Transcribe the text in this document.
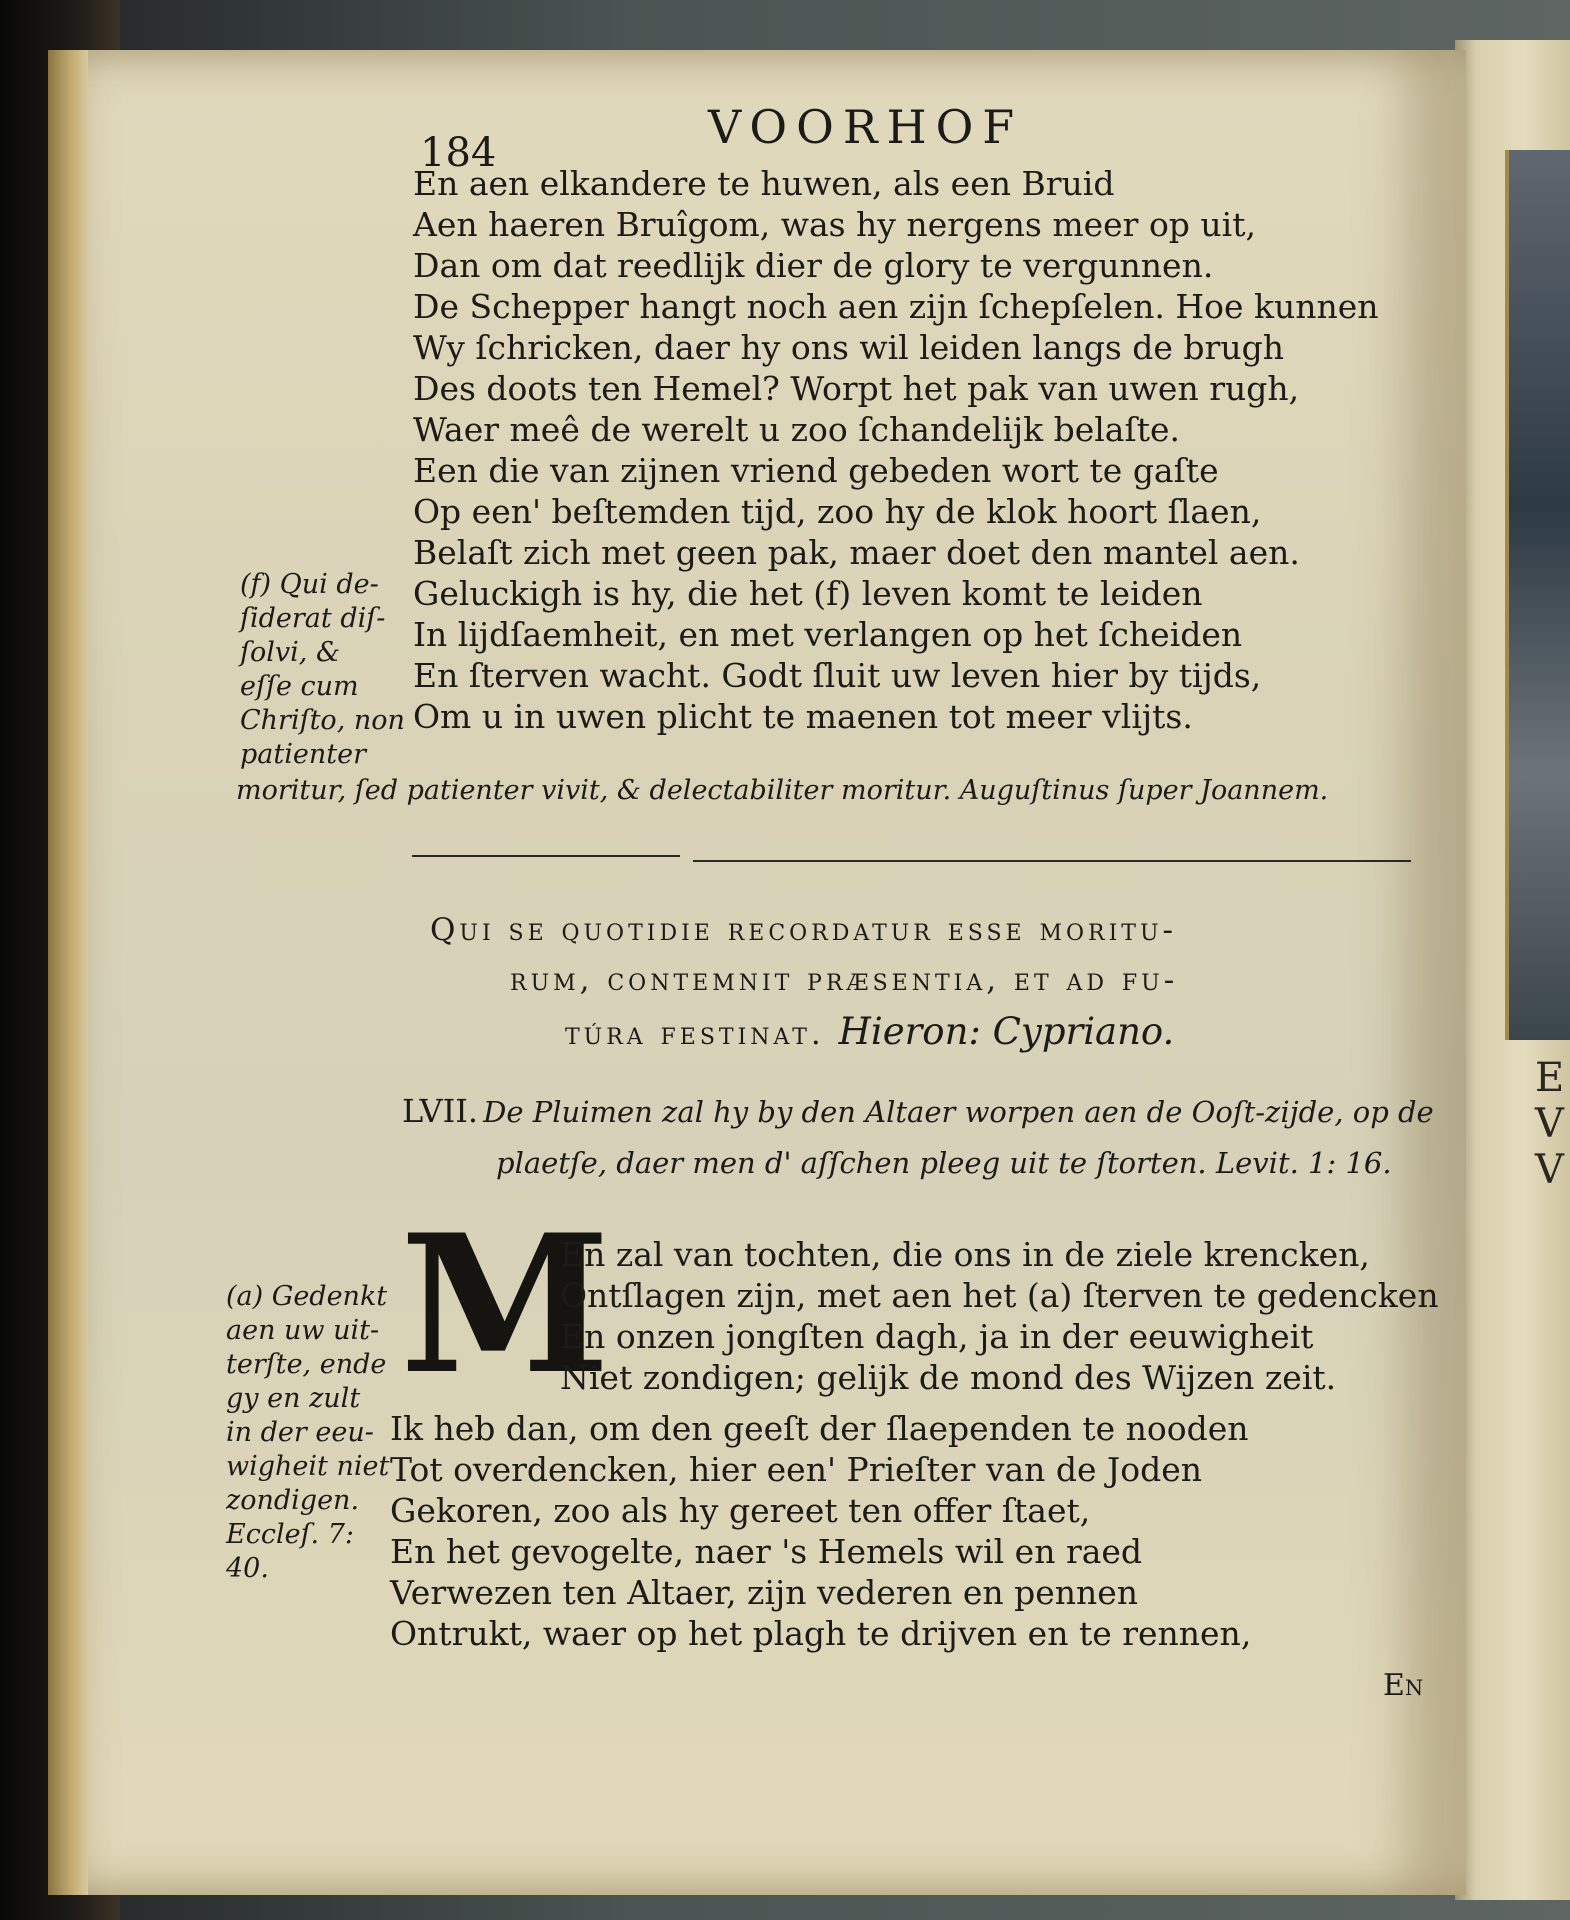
E
V
V
184	VOORHOF
En aen elkandere te huwen, als een Bruid
Aen haeren Bruîgom, was hy nergens meer op uit,
Dan om dat reedlijk dier de glory te vergunnen.
De Schepper hangt noch aen zijn ſchepſelen. Hoe kunnen
Wy ſchricken, daer hy ons wil leiden langs de brugh
Des doots ten Hemel? Worpt het pak van uwen rugh,
Waer meê de werelt u zoo ſchandelijk belaſte.
Een die van zijnen vriend gebeden wort te gaſte
Op een' beſtemden tijd, zoo hy de klok hoort ſlaen,
Belaſt zich met geen pak, maer doet den mantel aen.
Geluckigh is hy, die het (f) leven komt te leiden
In lijdſaemheit, en met verlangen op het ſcheiden
En ſterven wacht. Godt ſluit uw leven hier by tijds,
Om u in uwen plicht te maenen tot meer vlijts.
(f) Qui de-
ſiderat diſ-
ſolvi, &
eſſe cum
Chriſto, non
patienter
moritur, ſed patienter vivit, & delectabiliter moritur. Auguſtinus ſuper Joannem.
Qui se quotidie recordatur esse moritu-
rum, contemnit præsentia, et ad fu-
túra festinat. Hieron: Cypriano.
LVII. De Pluimen zal hy by den Altaer worpen aen de Ooſt-zijde, op de
plaetſe, daer men d' aſſchen pleeg uit te ſtorten. Levit. 1: 16.
M
En zal van tochten, die ons in de ziele krencken,
Ontſlagen zijn, met aen het (a) ſterven te gedencken
En onzen jongſten dagh, ja in der eeuwigheit
Niet zondigen; gelijk de mond des Wijzen zeit.
Ik heb dan, om den geeſt der ſlaependen te nooden
Tot overdencken, hier een' Prieſter van de Joden
Gekoren, zoo als hy gereet ten offer ſtaet,
En het gevogelte, naer 's Hemels wil en raed
Verwezen ten Altaer, zijn vederen en pennen
Ontrukt, waer op het plagh te drijven en te rennen,
(a) Gedenkt
aen uw uit-
terſte, ende
gy en zult
in der eeu-
wigheit niet
zondigen.
Eccleſ. 7:
40.
En
